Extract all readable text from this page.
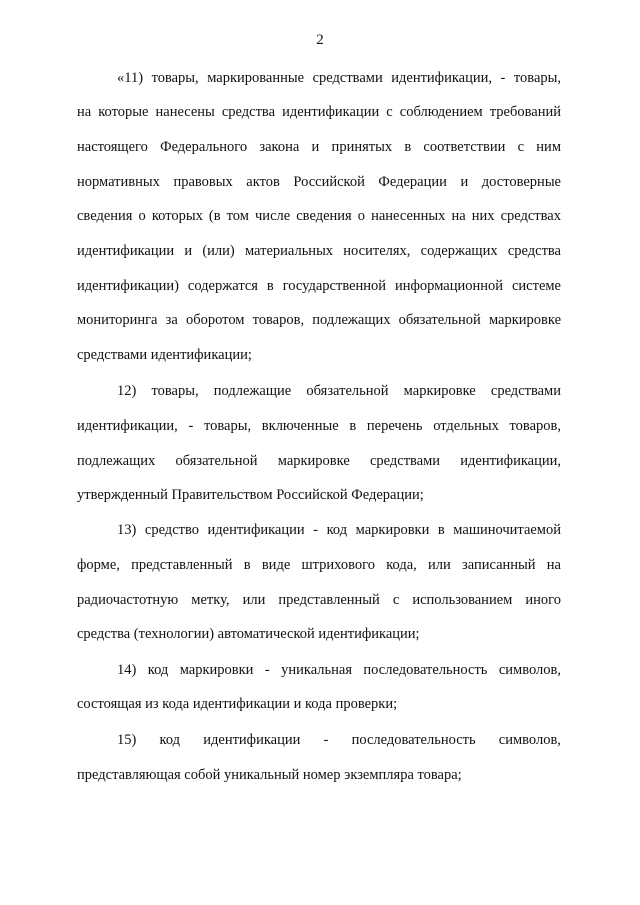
2
«11) товары, маркированные средствами идентификации, - товары,
на которые нанесены средства идентификации с соблюдением требований
настоящего Федерального закона и принятых в соответствии с ним
нормативных правовых актов Российской Федерации и достоверные
сведения о которых (в том числе сведения о нанесенных на них средствах
идентификации и (или) материальных носителях, содержащих средства
идентификации) содержатся в государственной информационной системе
мониторинга за оборотом товаров, подлежащих обязательной маркировке
средствами идентификации;
12) товары, подлежащие обязательной маркировке средствами
идентификации, - товары, включенные в перечень отдельных товаров,
подлежащих обязательной маркировке средствами идентификации,
утвержденный Правительством Российской Федерации;
13) средство идентификации - код маркировки в машиночитаемой
форме, представленный в виде штрихового кода, или записанный на
радиочастотную метку, или представленный с использованием иного
средства (технологии) автоматической идентификации;
14) код маркировки - уникальная последовательность символов,
состоящая из кода идентификации и кода проверки;
15) код идентификации - последовательность символов,
представляющая собой уникальный номер экземпляра товара;
